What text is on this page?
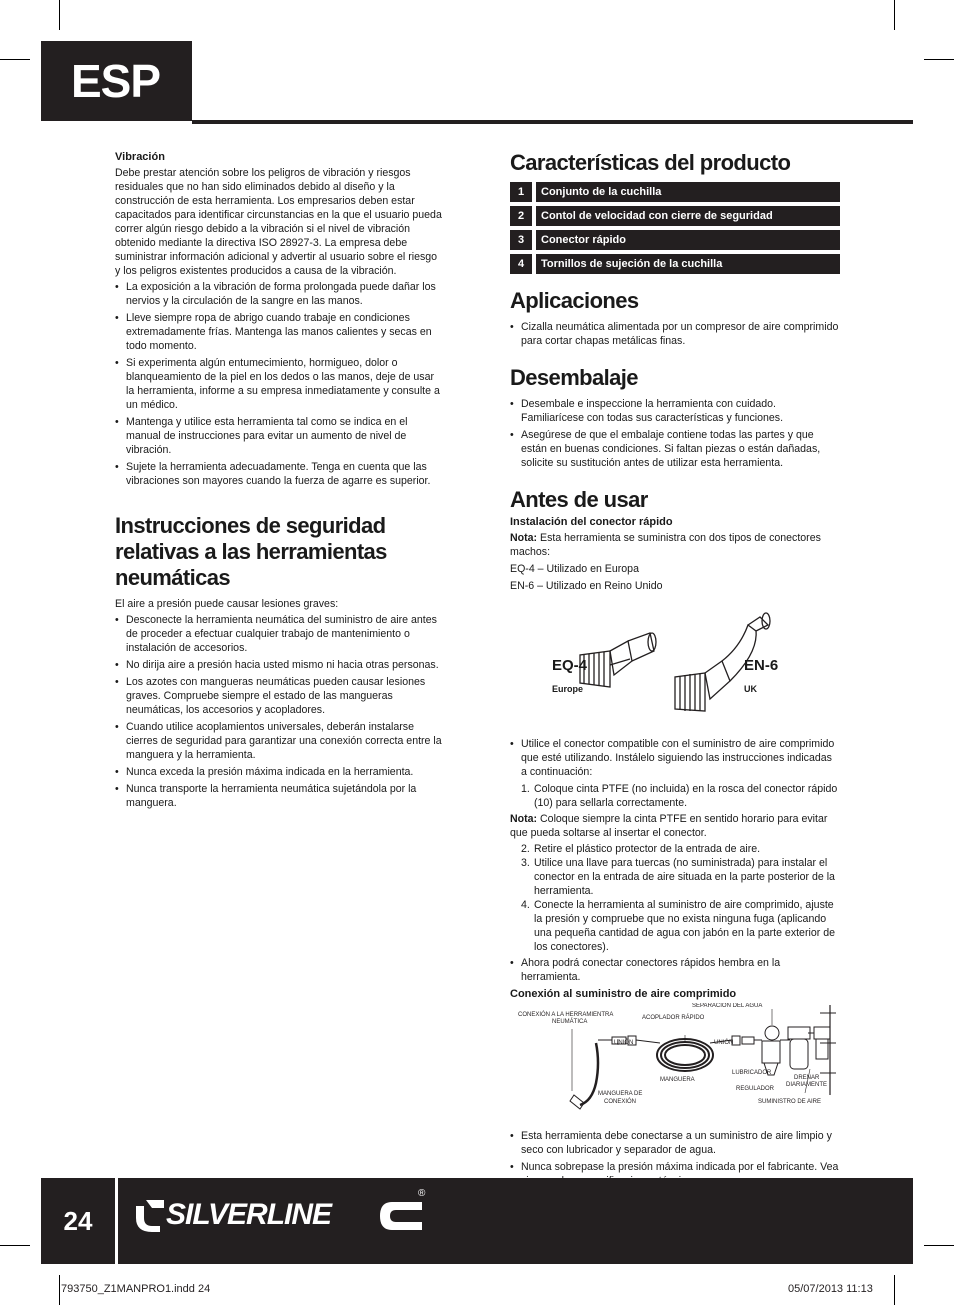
ESP
Vibración

Debe prestar atención sobre los peligros de vibración y riesgos residuales que no han sido eliminados debido al diseño y la construcción de esta herramienta. Los empresarios deben estar capacitados para identificar circunstancias en la que el usuario pueda correr algún riesgo debido a la vibración si el nivel de vibración obtenido mediante la directiva ISO 28927-3. La empresa debe suministrar información adicional y advertir al usuario sobre el riesgo y los peligros existentes producidos a causa de la vibración.

• La exposición a la vibración de forma prolongada puede dañar los nervios y la circulación de la sangre en las manos.
• Lleve siempre ropa de abrigo cuando trabaje en condiciones extremadamente frías. Mantenga las manos calientes y secas en todo momento.
• Si experimenta algún entumecimiento, hormigueo, dolor o blanqueamiento de la piel en los dedos o las manos, deje de usar la herramienta, informe a su empresa inmediatamente y consulte a un médico.
• Mantenga y utilice esta herramienta tal como se indica en el manual de instrucciones para evitar un aumento de nivel de vibración.
• Sujete la herramienta adecuadamente. Tenga en cuenta que las vibraciones son mayores cuando la fuerza de agarre es superior.
Instrucciones de seguridad
relativas a las herramientas
neumáticas

El aire a presión puede causar lesiones graves:

• Desconecte la herramienta neumática del suministro de aire antes de proceder a efectuar cualquier trabajo de mantenimiento o instalación de accesorios.
• No dirija aire a presión hacia usted mismo ni hacia otras personas.
• Los azotes con mangueras neumáticas pueden causar lesiones graves. Compruebe siempre el estado de las mangueras neumáticas, los accesorios y acopladores.
• Cuando utilice acoplamientos universales, deberán instalarse cierres de seguridad para garantizar una conexión correcta entre la manguera y la herramienta.
• Nunca exceda la presión máxima indicada en la herramienta.
• Nunca transporte la herramienta neumática sujetándola por la manguera.
Características del producto
1	Conjunto de la cuchilla
2	Contol de velocidad con cierre de seguridad
3	Conector rápido
4	Tornillos de sujeción de la cuchilla
Aplicaciones
• Cizalla neumática alimentada por un compresor de aire comprimido para cortar chapas metálicas finas.
Desembalaje
• Desembale e inspeccione la herramienta con cuidado. Familiarícese con todas sus características y funciones.
• Asegúrese de que el embalaje contiene todas las partes y que están en buenas condiciones. Si faltan piezas o están dañadas, solicite su sustitución antes de utilizar esta herramienta.
Antes de usar
Instalación del conector rápido

Nota: Esta herramienta se suministra con dos tipos de conectores machos:

EQ-4 – Utilizado en Europa

EN-6 – Utilizado en Reino Unido

EQ-4
Europe
EN-6
UK
• Utilice el conector compatible con el suministro de aire comprimido que esté utilizando. Instálelo siguiendo las instrucciones indicadas a continuación:
1. Coloque cinta PTFE (no incluida) en la rosca del conector rápido (10) para sellarla correctamente.

Nota: Coloque siempre la cinta PTFE en sentido horario para evitar que pueda soltarse al insertar el conector.

2. Retire el plástico protector de la entrada de aire.
3. Utilice una llave para tuercas (no suministrada) para instalar el conector en la entrada de aire situada en la parte posterior de la herramienta.
4. Conecte la herramienta al suministro de aire comprimido, ajuste la presión y compruebe que no exista ninguna fuga (aplicando una pequeña cantidad de agua con jabón en la parte exterior de los conectores).
• Ahora podrá conectar conectores rápidos hembra en la herramienta.
Conexión al suministro de aire comprimido
CONEXIÓN A LA HERRAMIENTRA
NEUMÁTICA
SEPARACIÓN DEL AGUA
ACOPLADOR RÁPIDO
UNIÓN	UNIÓN
LUBRICADOR
DRENAR
DIARIAMENTE
MANGUERA
REGULADOR
MANGUERA DE
CONEXIÓN	SUMINISTRO DE AIRE
• Esta herramienta debe conectarse a un suministro de aire limpio y seco con lubricador y separador de agua.
• Nunca sobrepase la presión máxima indicada por el fabricante. Vea
24	SILVERLINE
®
793750_Z1MANPRO1.indd 24	05/07/2013 11:13
